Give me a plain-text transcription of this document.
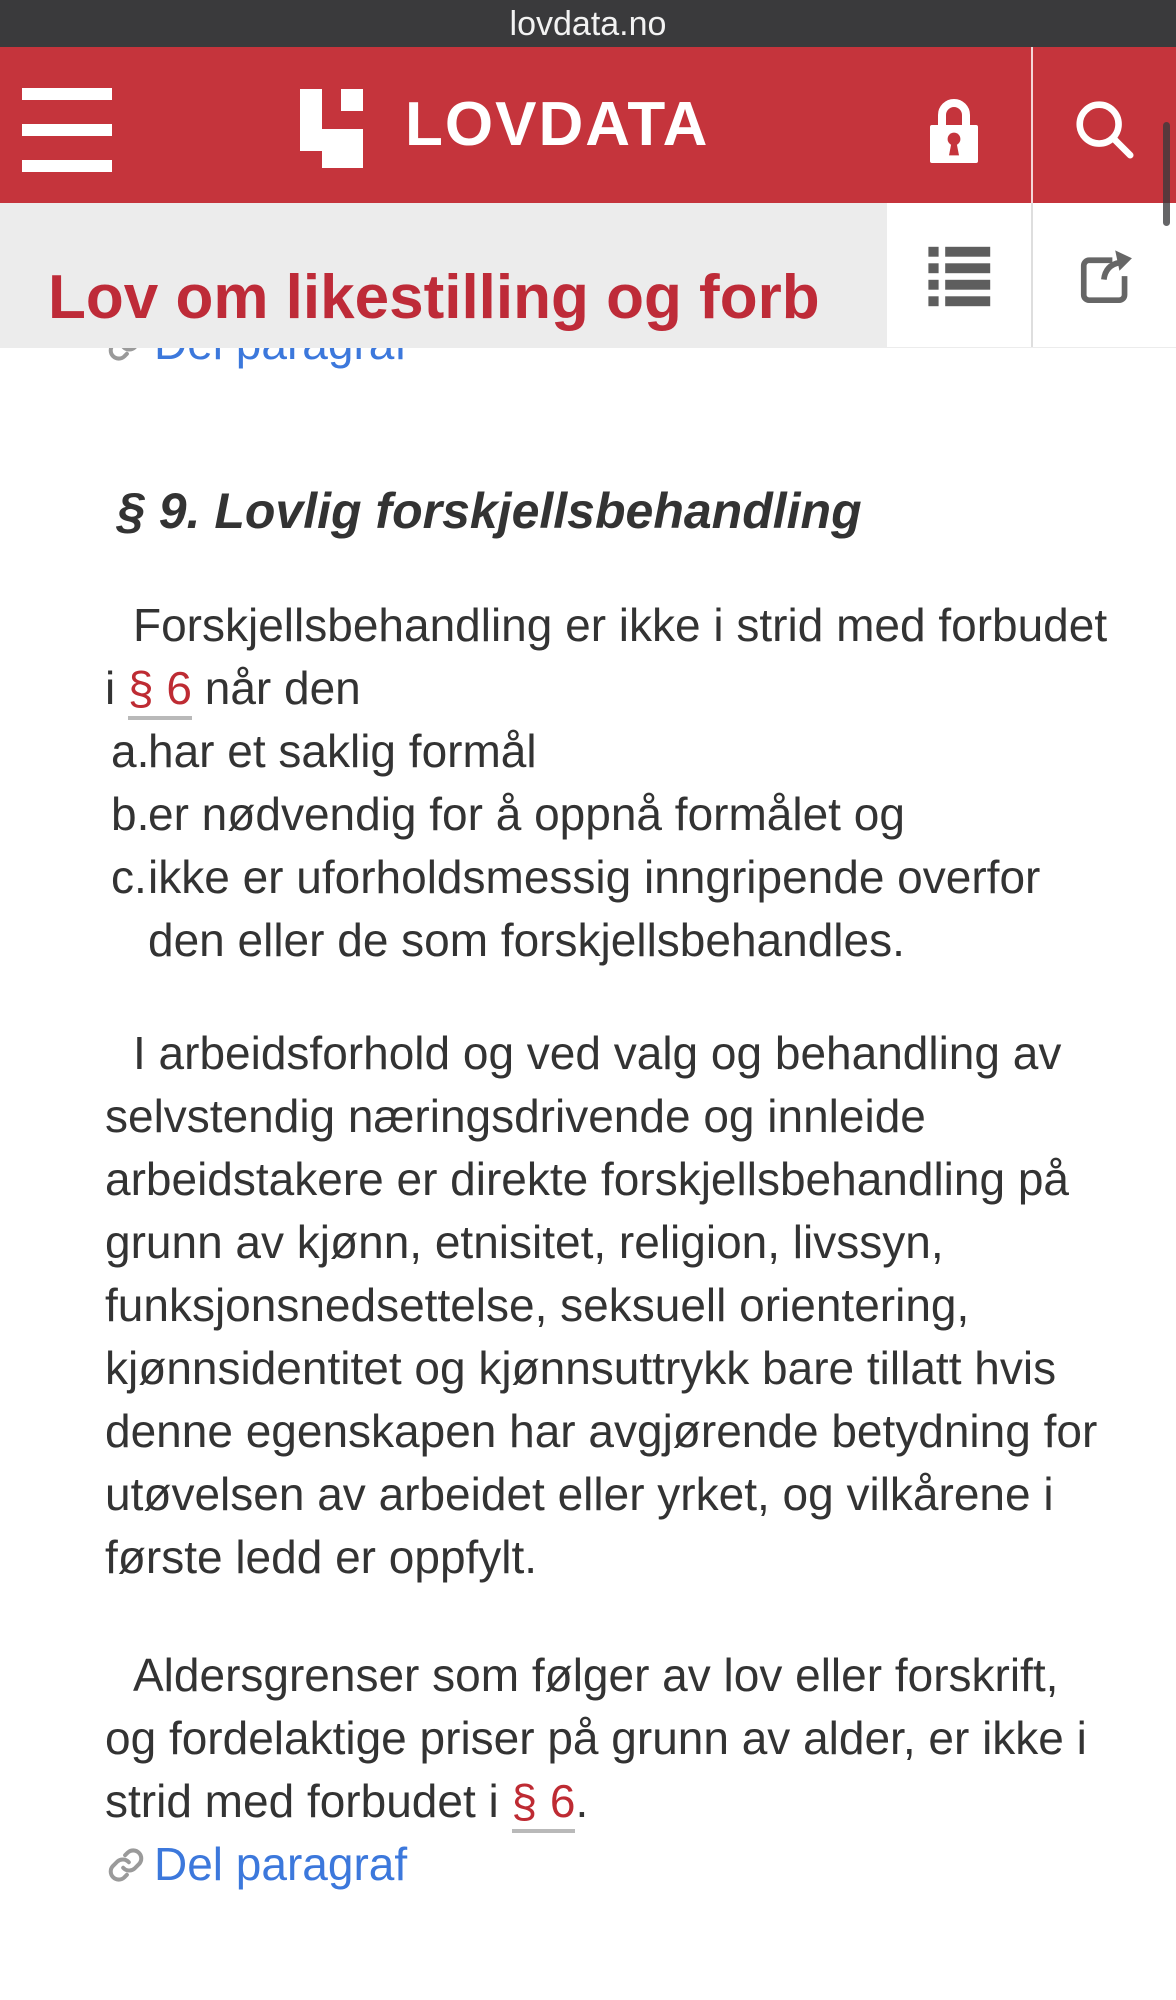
§ 9. Lovlig forskjellsbehandling
Forskjellsbehandling er ikke i strid med forbudet i § 6 når den
a.
har et saklig formål
b.
er nødvendig for å oppnå formålet og
c. ikke er uforholdsmessig inngripende overfor den eller de som forskjellsbehandles.
I arbeidsforhold og ved valg og behandling av selvstendig næringsdrivende og innleide arbeidstakere er direkte forskjellsbehandling på grunn av kjønn, etnisitet, religion, livssyn, funksjonsnedsettelse, seksuell orientering, kjønnsidentitet og kjønnsuttrykk bare tillatt hvis denne egenskapen har avgjørende betydning for utøvelsen av arbeidet eller yrket, og vilkårene i første ledd er oppfylt.
Aldersgrenser som følger av lov eller forskrift, og fordelaktige priser på grunn av alder, er ikke i strid med forbudet i § 6.
Del paragraf
lovdata.no
LOVDATA
Lov om likestilling og forb
